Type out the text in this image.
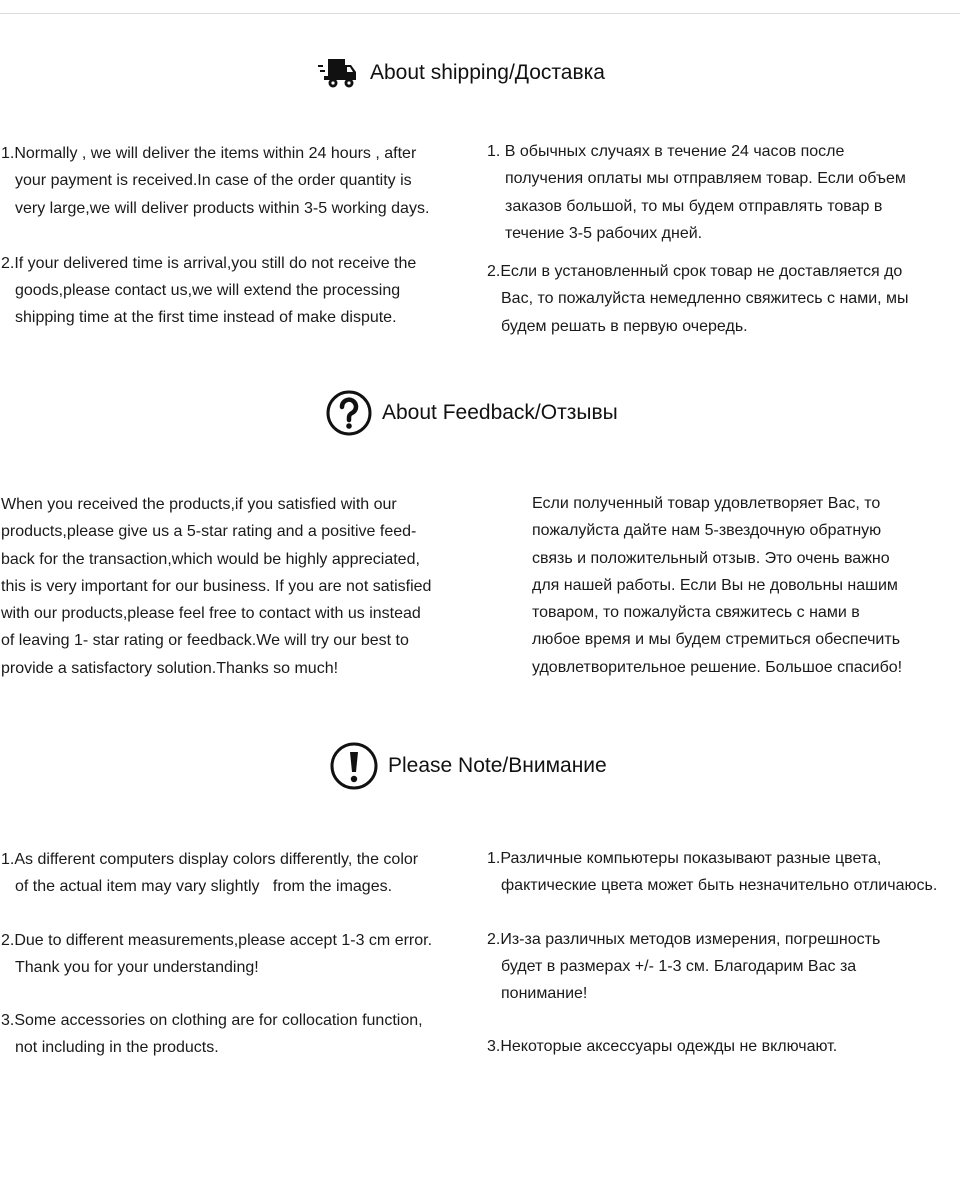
About shipping/Доставка
1.Normally , we will deliver the items within 24 hours , after
your payment is received.In case of the order quantity is
very large,we will deliver products within 3-5 working days.
2.If your delivered time is arrival,you still do not receive the
goods,please contact us,we will extend the processing
shipping time at the first time instead of make dispute.
1. В обычных случаях в течение 24 часов после
получения оплаты мы отправляем товар. Если объем
заказов большой, то мы будем отправлять товар в
течение 3-5 рабочих дней.
2.Если в установленный срок товар не доставляется до
Вас, то пожалуйста немедленно свяжитесь с нами, мы
будем решать в первую очередь.
About Feedback/Отзывы
When you received the products,if you satisfied with our
products,please give us a 5-star rating and a positive feed-
back for the transaction,which would be highly appreciated,
this is very important for our business. If you are not satisfied
with our products,please feel free to contact with us instead
of leaving 1- star rating or feedback.We will try our best to
provide a satisfactory solution.Thanks so much!
Если полученный товар удовлетворяет Вас, то
пожалуйста дайте нам 5-звездочную обратную
связь и положительный отзыв. Это очень важно
для нашей работы. Если Вы не довольны нашим
товаром, то пожалуйста свяжитесь с нами в
любое время и мы будем стремиться обеспечить
удовлетворительное решение. Большое спасибо!
Please Note/Внимание
1.As different computers display colors differently, the color
of the actual item may vary slightly   from the images.
2.Due to different measurements,please accept 1-3 cm error.
Thank you for your understanding!
3.Some accessories on clothing are for collocation function,
not including in the products.
1.Различные компьютеры показывают разные цвета,
фактические цвета может быть незначительно отличаюсь.
2.Из-за различных методов измерения, погрешность
будет в размерах +/- 1-3 см. Благодарим Вас за
понимание!
3.Некоторые аксессуары одежды не включают.
